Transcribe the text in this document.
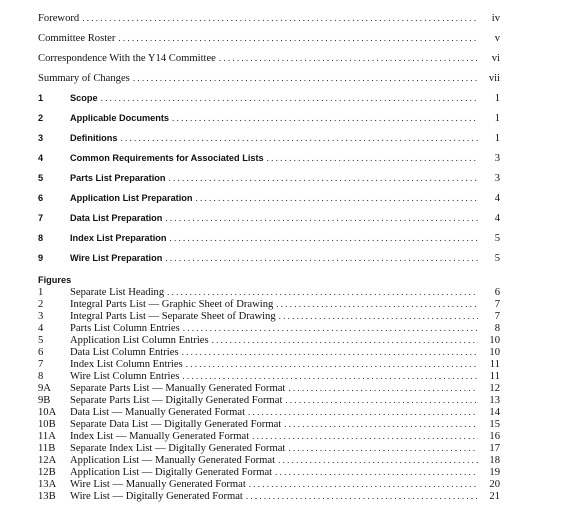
Foreword . . .	iv
Committee Roster . . .	v
Correspondence With the Y14 Committee . . .	vi
Summary of Changes . . .	vii
1	Scope . . .	1
2	Applicable Documents . . .	1
3	Definitions . . .	1
4	Common Requirements for Associated Lists . . .	3
5	Parts List Preparation . . .	3
6	Application List Preparation . . .	4
7	Data List Preparation . . .	4
8	Index List Preparation . . .	5
9	Wire List Preparation . . .	5
Figures
1	Separate List Heading . . .	6
2	Integral Parts List — Graphic Sheet of Drawing . . .	7
3	Integral Parts List — Separate Sheet of Drawing . . .	7
4	Parts List Column Entries . . .	8
5	Application List Column Entries . . .	10
6	Data List Column Entries . . .	10
7	Index List Column Entries . . .	11
8	Wire List Column Entries . . .	11
9A	Separate Parts List — Manually Generated Format . . .	12
9B	Separate Parts List — Digitally Generated Format . . .	13
10A	Data List — Manually Generated Format . . .	14
10B	Separate Data List — Digitally Generated Format . . .	15
11A	Index List — Manually Generated Format . . .	16
11B	Separate Index List — Digitally Generated Format . . .	17
12A	Application List — Manually Generated Format . . .	18
12B	Application List — Digitally Generated Format . . .	19
13A	Wire List — Manually Generated Format . . .	20
13B	Wire List — Digitally Generated Format . . .	21
